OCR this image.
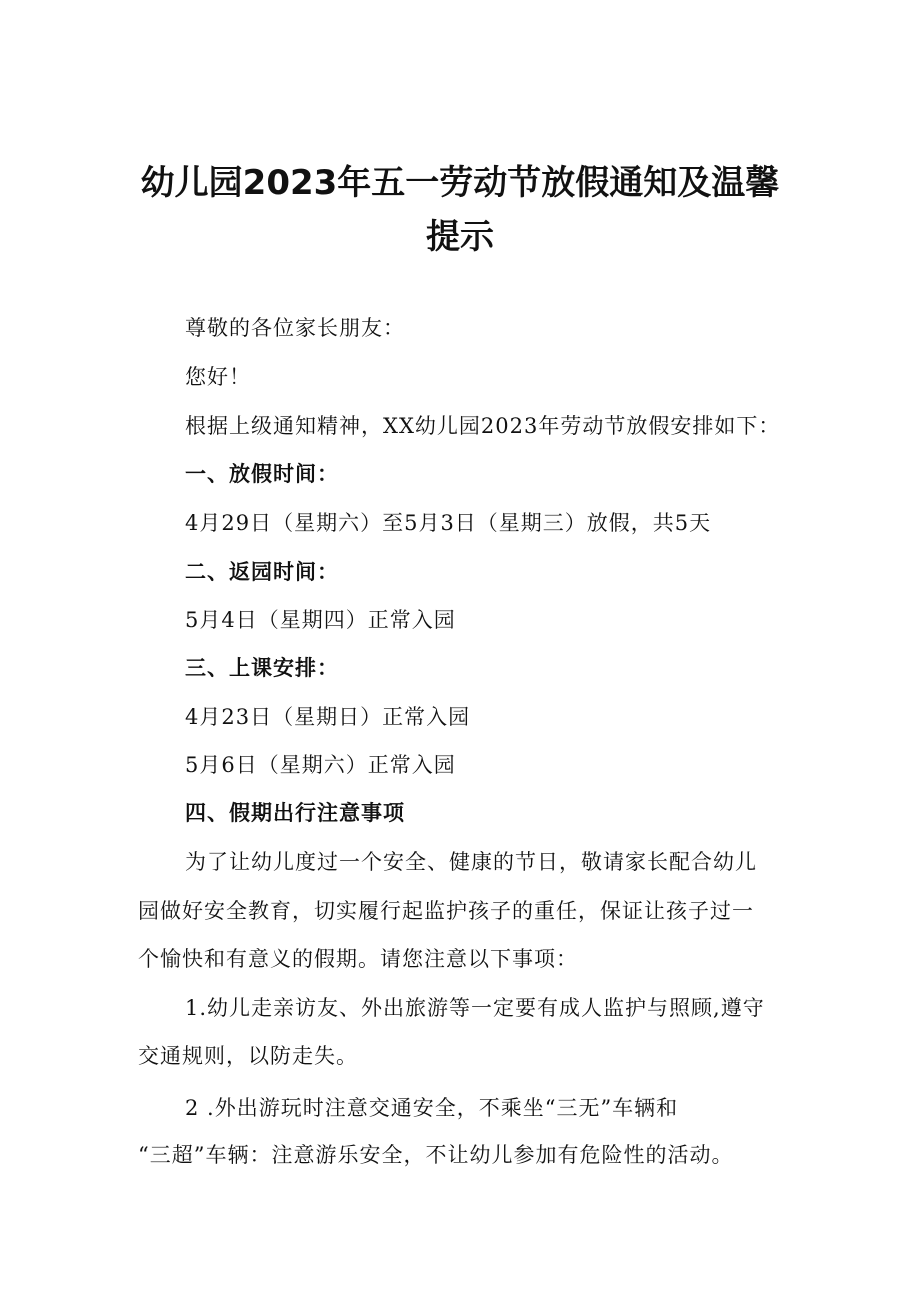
幼儿园2023年五一劳动节放假通知及温馨
提示
尊敬的各位家长朋友：
您好！
根据上级通知精神，XX幼儿园2023年劳动节放假安排如下：
一、放假时间：
4月29日（星期六）至5月3日（星期三）放假，共5天
二、返园时间：
5月4日（星期四）正常入园
三、上课安排：
4月23日（星期日）正常入园
5月6日（星期六）正常入园
四、假期出行注意事项
为了让幼儿度过一个安全、健康的节日，敬请家长配合幼儿
园做好安全教育，切实履行起监护孩子的重任，保证让孩子过一
个愉快和有意义的假期。请您注意以下事项：
1.幼儿走亲访友、外出旅游等一定要有成人监护与照顾,遵守
交通规则，以防走失。
2 .外出游玩时注意交通安全，不乘坐“三无”车辆和
“三超”车辆：注意游乐安全，不让幼儿参加有危险性的活动。
